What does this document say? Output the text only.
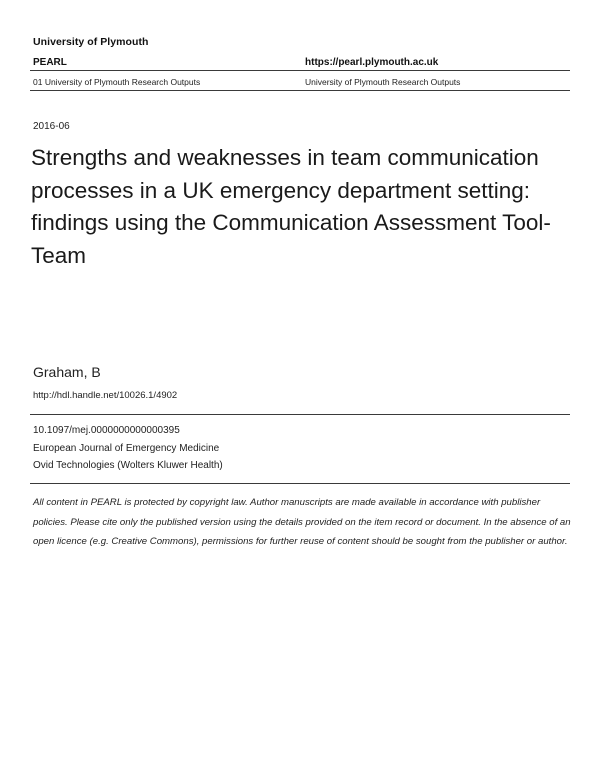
University of Plymouth
PEARL	https://pearl.plymouth.ac.uk
01 University of Plymouth Research Outputs	University of Plymouth Research Outputs
2016-06
Strengths and weaknesses in team communication processes in a UK emergency department setting: findings using the Communication Assessment Tool-Team
Graham, B
http://hdl.handle.net/10026.1/4902
10.1097/mej.0000000000000395
European Journal of Emergency Medicine
Ovid Technologies (Wolters Kluwer Health)

All content in PEARL is protected by copyright law. Author manuscripts are made available in accordance with publisher policies. Please cite only the published version using the details provided on the item record or document. In the absence of an open licence (e.g. Creative Commons), permissions for further reuse of content should be sought from the publisher or author.
